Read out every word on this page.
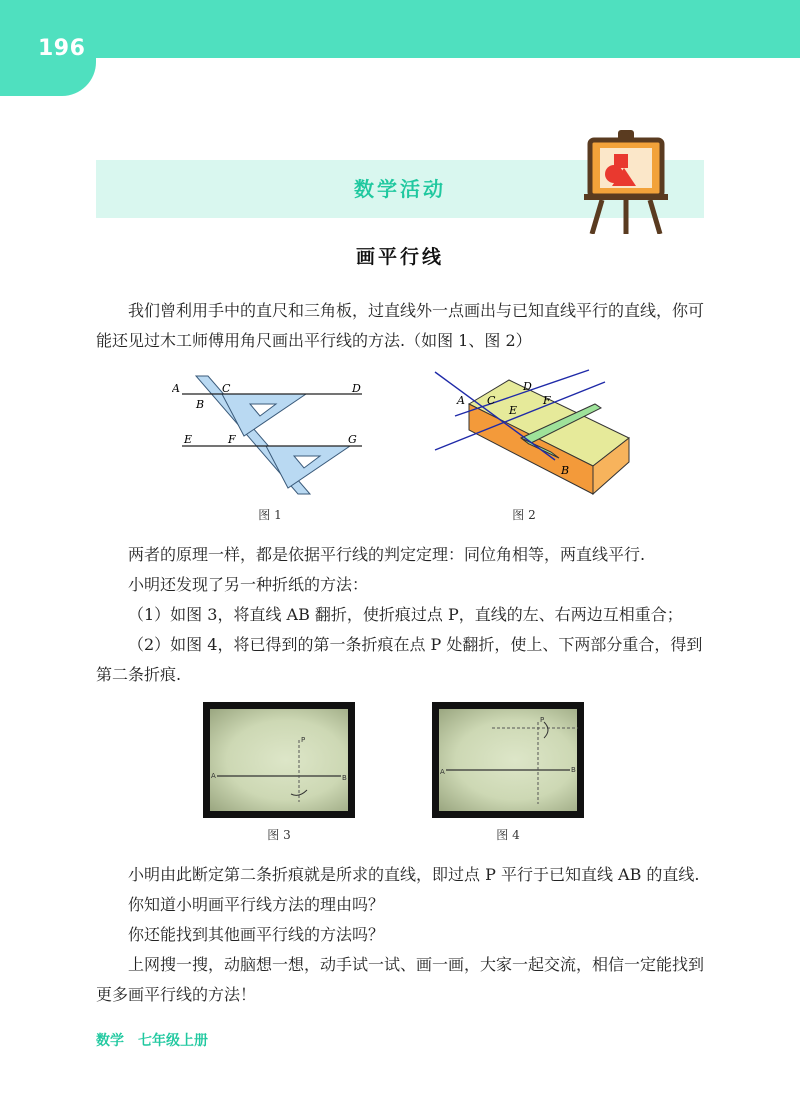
196
数学活动
画平行线
我们曾利用手中的直尺和三角板，过直线外一点画出与已知直线平行的直线，你可能还见过木工师傅用角尺画出平行线的方法.（如图 1、图 2）
A
B
C	D
E	F	G
图 1
A C
D
E
F
B
图 2
两者的原理一样，都是依据平行线的判定定理：同位角相等，两直线平行.
小明还发现了另一种折纸的方法：
（1）如图 3，将直线 AB 翻折，使折痕过点 P，直线的左、右两边互相重合；
（2）如图 4，将已得到的第一条折痕在点 P 处翻折，使上、下两部分重合，得到第二条折痕.
A	B
P
图 3
A	B
P
图 4
小明由此断定第二条折痕就是所求的直线，即过点 P 平行于已知直线 AB 的直线.
你知道小明画平行线方法的理由吗？
你还能找到其他画平行线的方法吗？
上网搜一搜，动脑想一想，动手试一试、画一画，大家一起交流，相信一定能找到更多画平行线的方法！
数学　七年级上册
